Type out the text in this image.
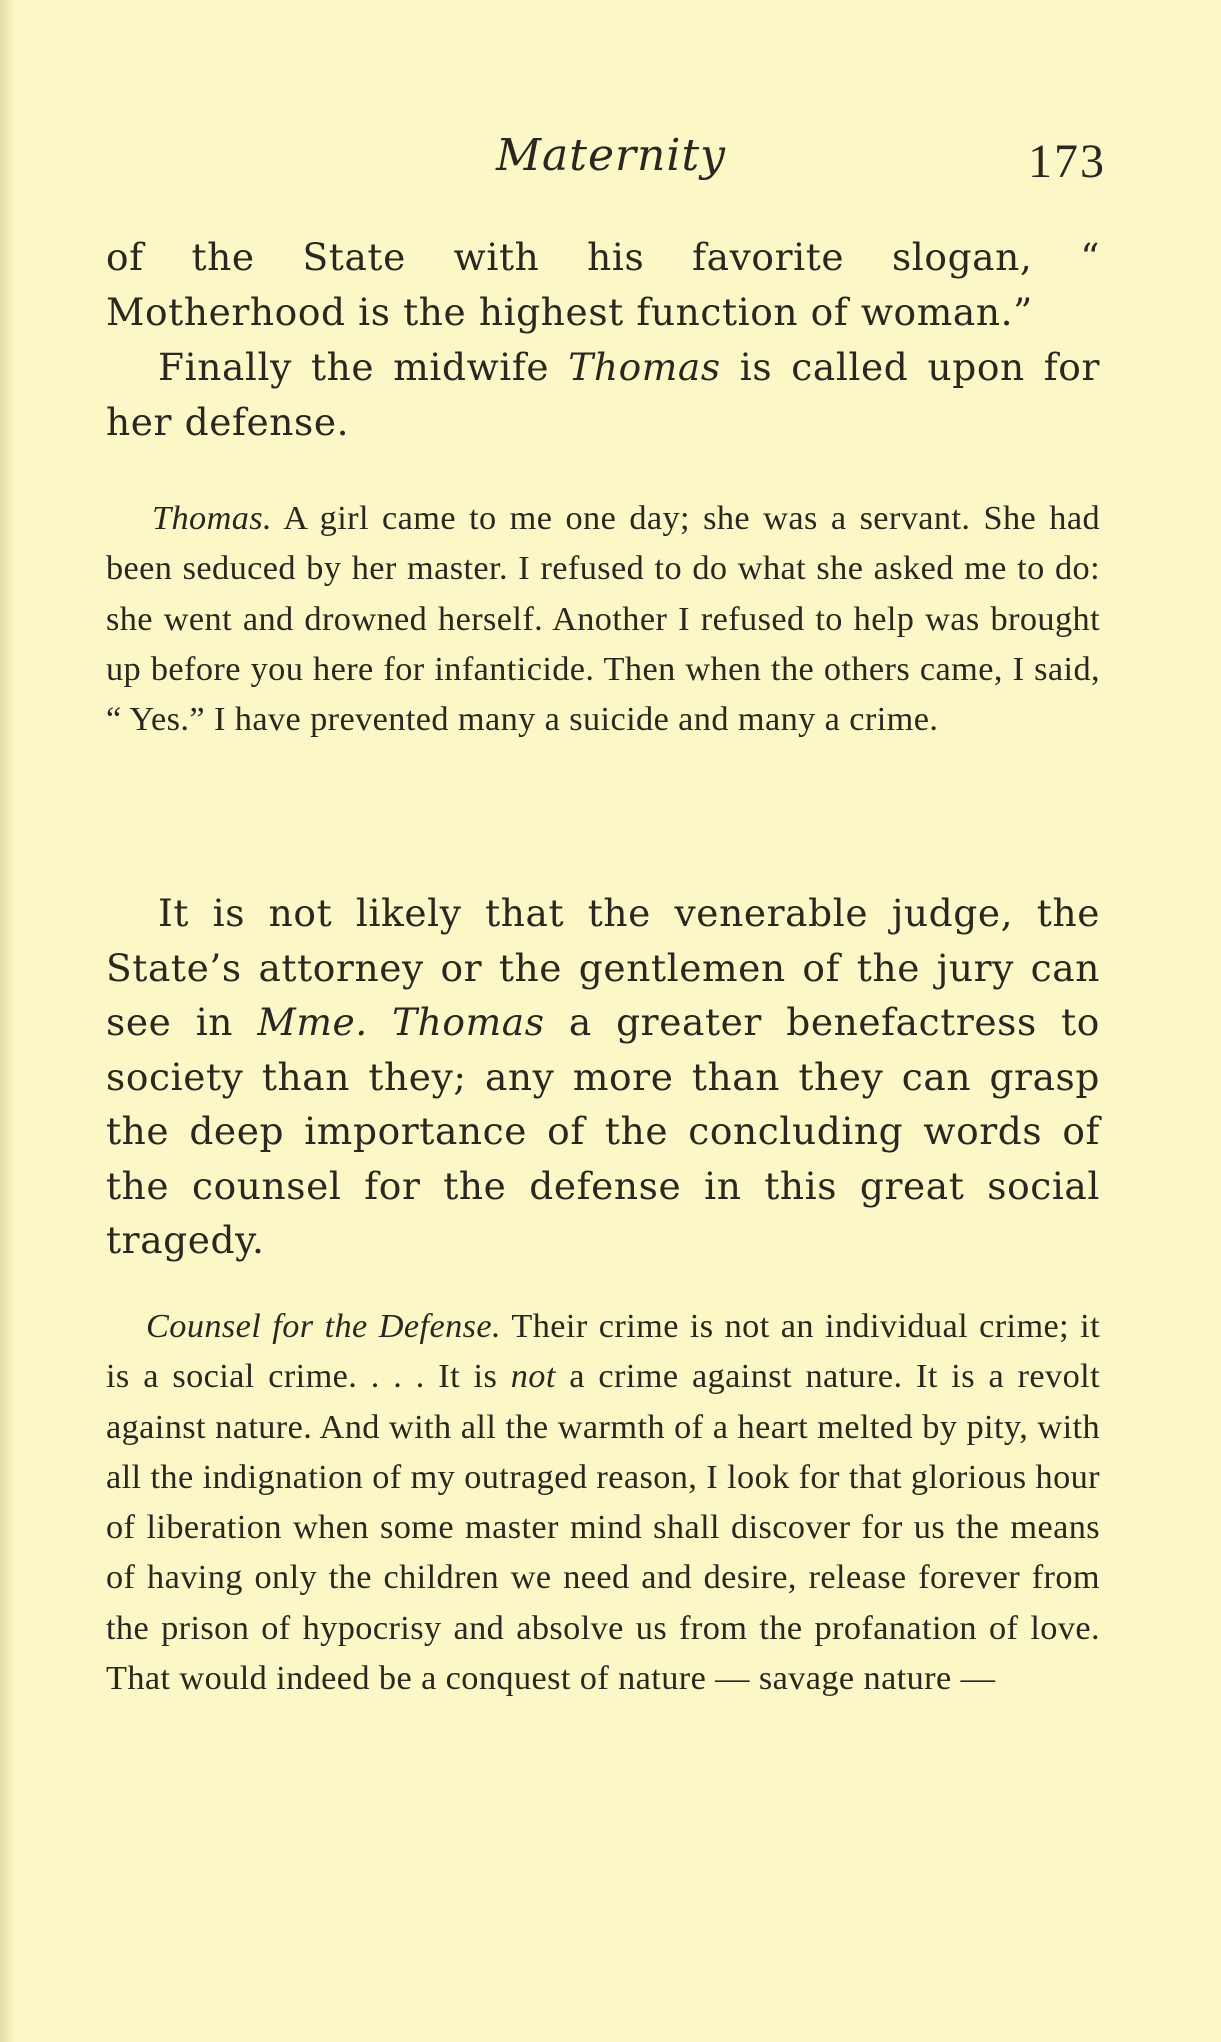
Maternity	173

of the State with his favorite slogan, “ Motherhood is the highest function of woman.”

Finally the midwife Thomas is called upon for her defense.

Thomas. A girl came to me one day; she was a servant. She had been seduced by her master. I refused to do what she asked me to do: she went and drowned herself. Another I refused to help was brought up before you here for infanticide. Then when the others came, I said, “ Yes.” I have prevented many a suicide and many a crime.

It is not likely that the venerable judge, the State’s attorney or the gentlemen of the jury can see in Mme. Thomas a greater benefactress to society than they; any more than they can grasp the deep importance of the concluding words of the counsel for the defense in this great social tragedy.

Counsel for the Defense. Their crime is not an individual crime; it is a social crime. . . . It is not a crime against nature. It is a revolt against nature. And with all the warmth of a heart melted by pity, with all the indignation of my outraged reason, I look for that glorious hour of liberation when some master mind shall discover for us the means of having only the children we need and desire, release forever from the prison of hypocrisy and absolve us from the profanation of love. That would indeed be a conquest of nature — savage nature —
